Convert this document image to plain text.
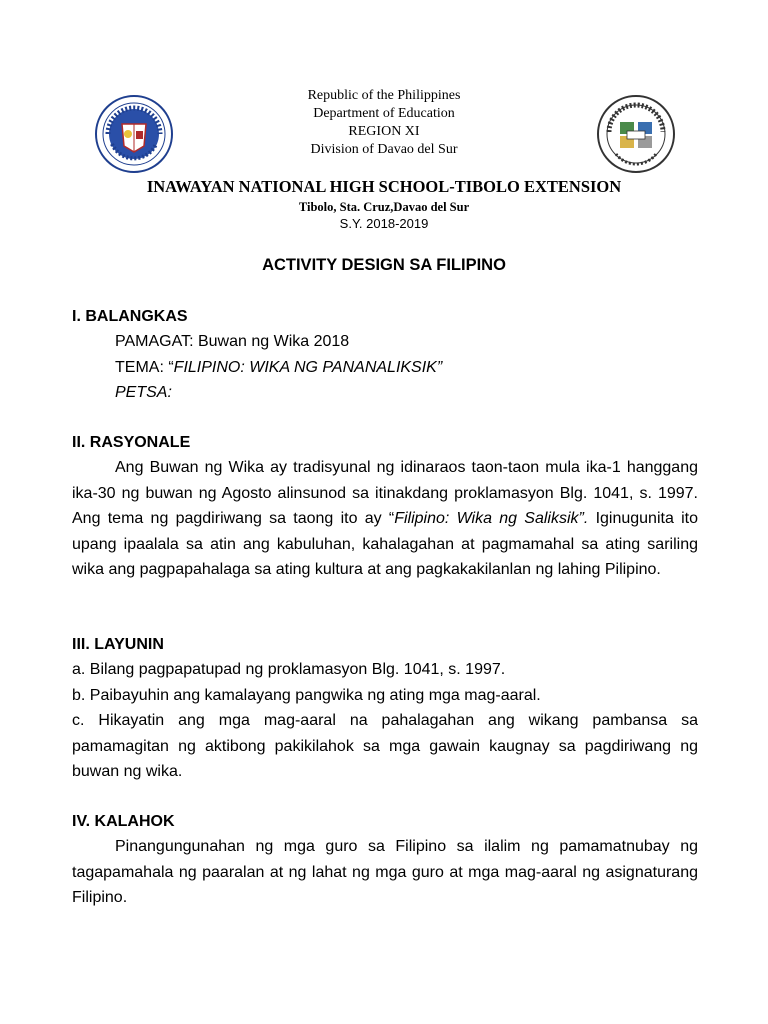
Republic of the Philippines
Department of Education
REGION XI
Division of Davao del Sur
INAWAYAN NATIONAL HIGH SCHOOL-TIBOLO EXTENSION
Tibolo, Sta. Cruz,Davao del Sur
S.Y. 2018-2019
ACTIVITY DESIGN SA FILIPINO
I. BALANGKAS
PAMAGAT: Buwan ng Wika 2018
TEMA: “FILIPINO: WIKA NG PANANALIKSIK”
PETSA:
II. RASYONALE

Ang Buwan ng Wika ay tradisyunal ng idinaraos taon-taon mula ika-1 hanggang ika-30 ng buwan ng Agosto alinsunod sa itinakdang proklamasyon Blg. 1041, s. 1997. Ang tema ng pagdiriwang sa taong ito ay “Filipino: Wika ng Saliksik”. Iginugunita ito upang ipaalala sa atin ang kabuluhan, kahalagahan at pagmamahal sa ating sariling wika ang pagpapahalaga sa ating kultura at ang pagkakakilanlan ng lahing Pilipino.

III. LAYUNIN

a. Bilang pagpapatupad ng proklamasyon Blg. 1041, s. 1997.

b. Paibayuhin ang kamalayang pangwika ng ating mga mag-aaral.

c. Hikayatin ang mga mag-aaral na pahalagahan ang wikang pambansa sa pamamagitan ng aktibong pakikilahok sa mga gawain kaugnay sa pagdiriwang ng buwan ng wika.

IV. KALAHOK

Pinangungunahan ng mga guro sa Filipino sa ilalim ng pamamatnubay ng tagapamahala ng paaralan at ng lahat ng mga guro at mga mag-aaral ng asignaturang Filipino.
